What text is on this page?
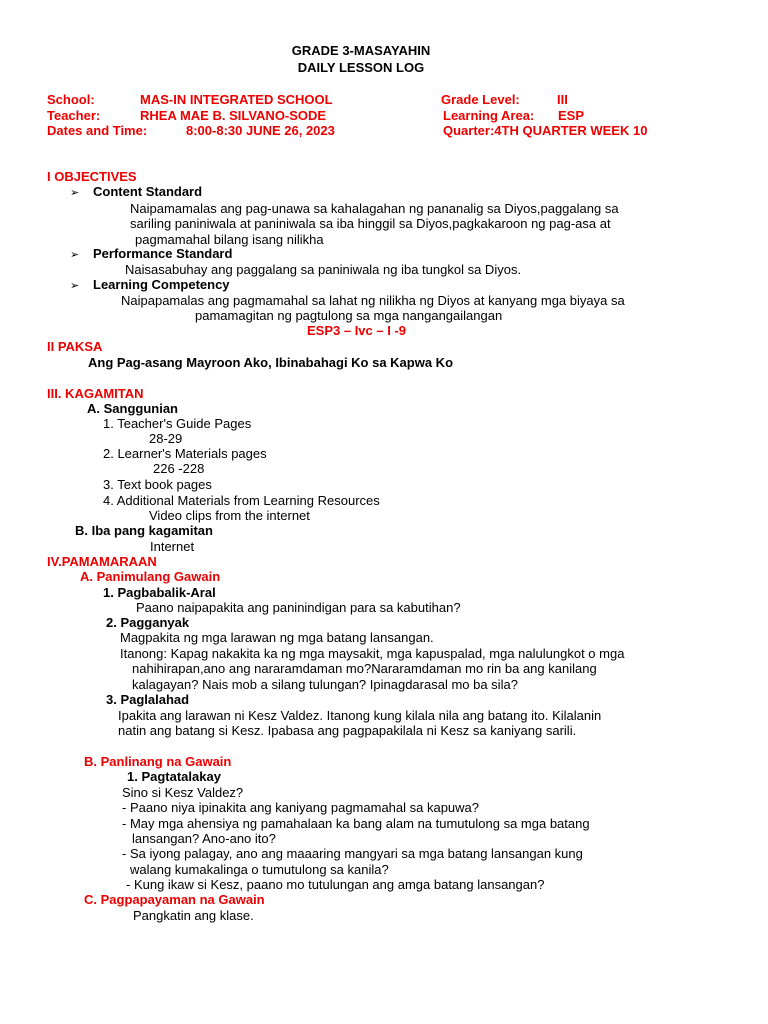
GRADE 3-MASAYAHIN
DAILY LESSON LOG
School:	MAS-IN INTEGRATED SCHOOL	Grade Level:	III
Teacher:	RHEA MAE B. SILVANO-SODE	Learning Area: ESP
Dates and Time:	8:00-8:30 JUNE 26, 2023	Quarter:4TH QUARTER WEEK 10
I OBJECTIVES
➢ Content Standard
Naipamamalas ang pag-unawa sa kahalagahan ng pananalig sa Diyos,paggalang sa
sariling paniniwala at paniniwala sa iba hinggil sa Diyos,pagkakaroon ng pag-asa at
pagmamahal bilang isang nilikha
➢ Performance Standard
Naisasabuhay ang paggalang sa paniniwala ng iba tungkol sa Diyos.
➢ Learning Competency
Naipapamalas ang pagmamahal sa lahat ng nilikha ng Diyos at kanyang mga biyaya sa
pamamagitan ng pagtulong sa mga nangangailangan
ESP3 – Ivc – I -9
II PAKSA
Ang Pag-asang Mayroon Ako, Ibinabahagi Ko sa Kapwa Ko
III. KAGAMITAN
A. Sanggunian
1. Teacher's Guide Pages
28-29
2. Learner's Materials pages
226 -228
3. Text book pages
4. Additional Materials from Learning Resources
Video clips from the internet
B. Iba pang kagamitan
Internet
IV.PAMAMARAAN
A. Panimulang Gawain
1. Pagbabalik-Aral
Paano naipapakita ang paninindigan para sa kabutihan?
2. Pagganyak
Magpakita ng mga larawan ng mga batang lansangan.
Itanong: Kapag nakakita ka ng mga maysakit, mga kapuspalad, mga nalulungkot o mga
nahihirapan,ano ang nararamdaman mo?Nararamdaman mo rin ba ang kanilang
kalagayan? Nais mob a silang tulungan? Ipinagdarasal mo ba sila?
3. Paglalahad
Ipakita ang larawan ni Kesz Valdez. Itanong kung kilala nila ang batang ito. Kilalanin
natin ang batang si Kesz. Ipabasa ang pagpapakilala ni Kesz sa kaniyang sarili.
B. Panlinang na Gawain
1. Pagtatalakay
Sino si Kesz Valdez?
- Paano niya ipinakita ang kaniyang pagmamahal sa kapuwa?
- May mga ahensiya ng pamahalaan ka bang alam na tumutulong sa mga batang
lansangan? Ano-ano ito?
- Sa iyong palagay, ano ang maaaring mangyari sa mga batang lansangan kung
walang kumakalinga o tumutulong sa kanila?
- Kung ikaw si Kesz, paano mo tutulungan ang amga batang lansangan?
C. Pagpapayaman na Gawain
Pangkatin ang klase.
